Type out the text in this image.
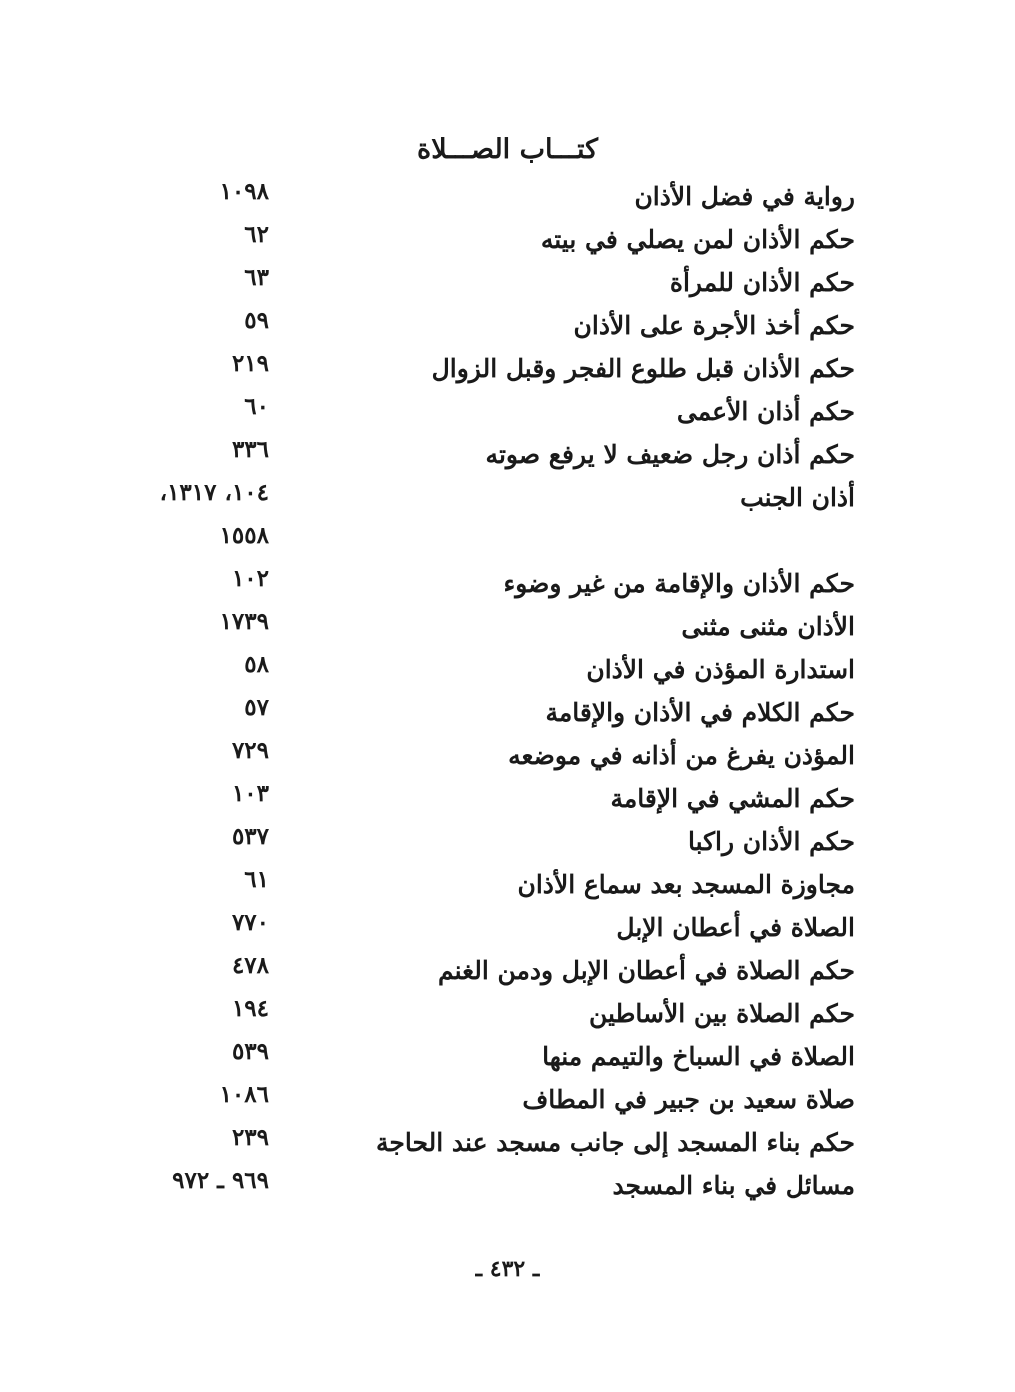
كتـــاب الصـــلاة
رواية في فضل الأذان
١٠٩٨
حكم الأذان لمن يصلي في بيته
٦٢
حكم الأذان للمرأة
٦٣
حكم أخذ الأجرة على الأذان
٥٩
حكم الأذان قبل طلوع الفجر وقبل الزوال
٢١٩
حكم أذان الأعمى
٦٠
حكم أذان رجل ضعيف لا يرفع صوته
٣٣٦
أذان الجنب
١٠٤، ١٣١٧،
١٥٥٨
حكم الأذان والإقامة من غير وضوء
١٠٢
الأذان مثنى مثنى
١٧٣٩
استدارة المؤذن في الأذان
٥٨
حكم الكلام في الأذان والإقامة
٥٧
المؤذن يفرغ من أذانه في موضعه
٧٢٩
حكم المشي في الإقامة
١٠٣
حكم الأذان راكبا
٥٣٧
مجاوزة المسجد بعد سماع الأذان
٦١
الصلاة في أعطان الإبل
٧٧٠
حكم الصلاة في أعطان الإبل ودمن الغنم
٤٧٨
حكم الصلاة بين الأساطين
١٩٤
الصلاة في السباخ والتيمم منها
٥٣٩
صلاة سعيد بن جبير في المطاف
١٠٨٦
حكم بناء المسجد إلى جانب مسجد عند الحاجة
٢٣٩
مسائل في بناء المسجد
٩٦٩ ـ ٩٧٢
ـ ٤٣٢ ـ
